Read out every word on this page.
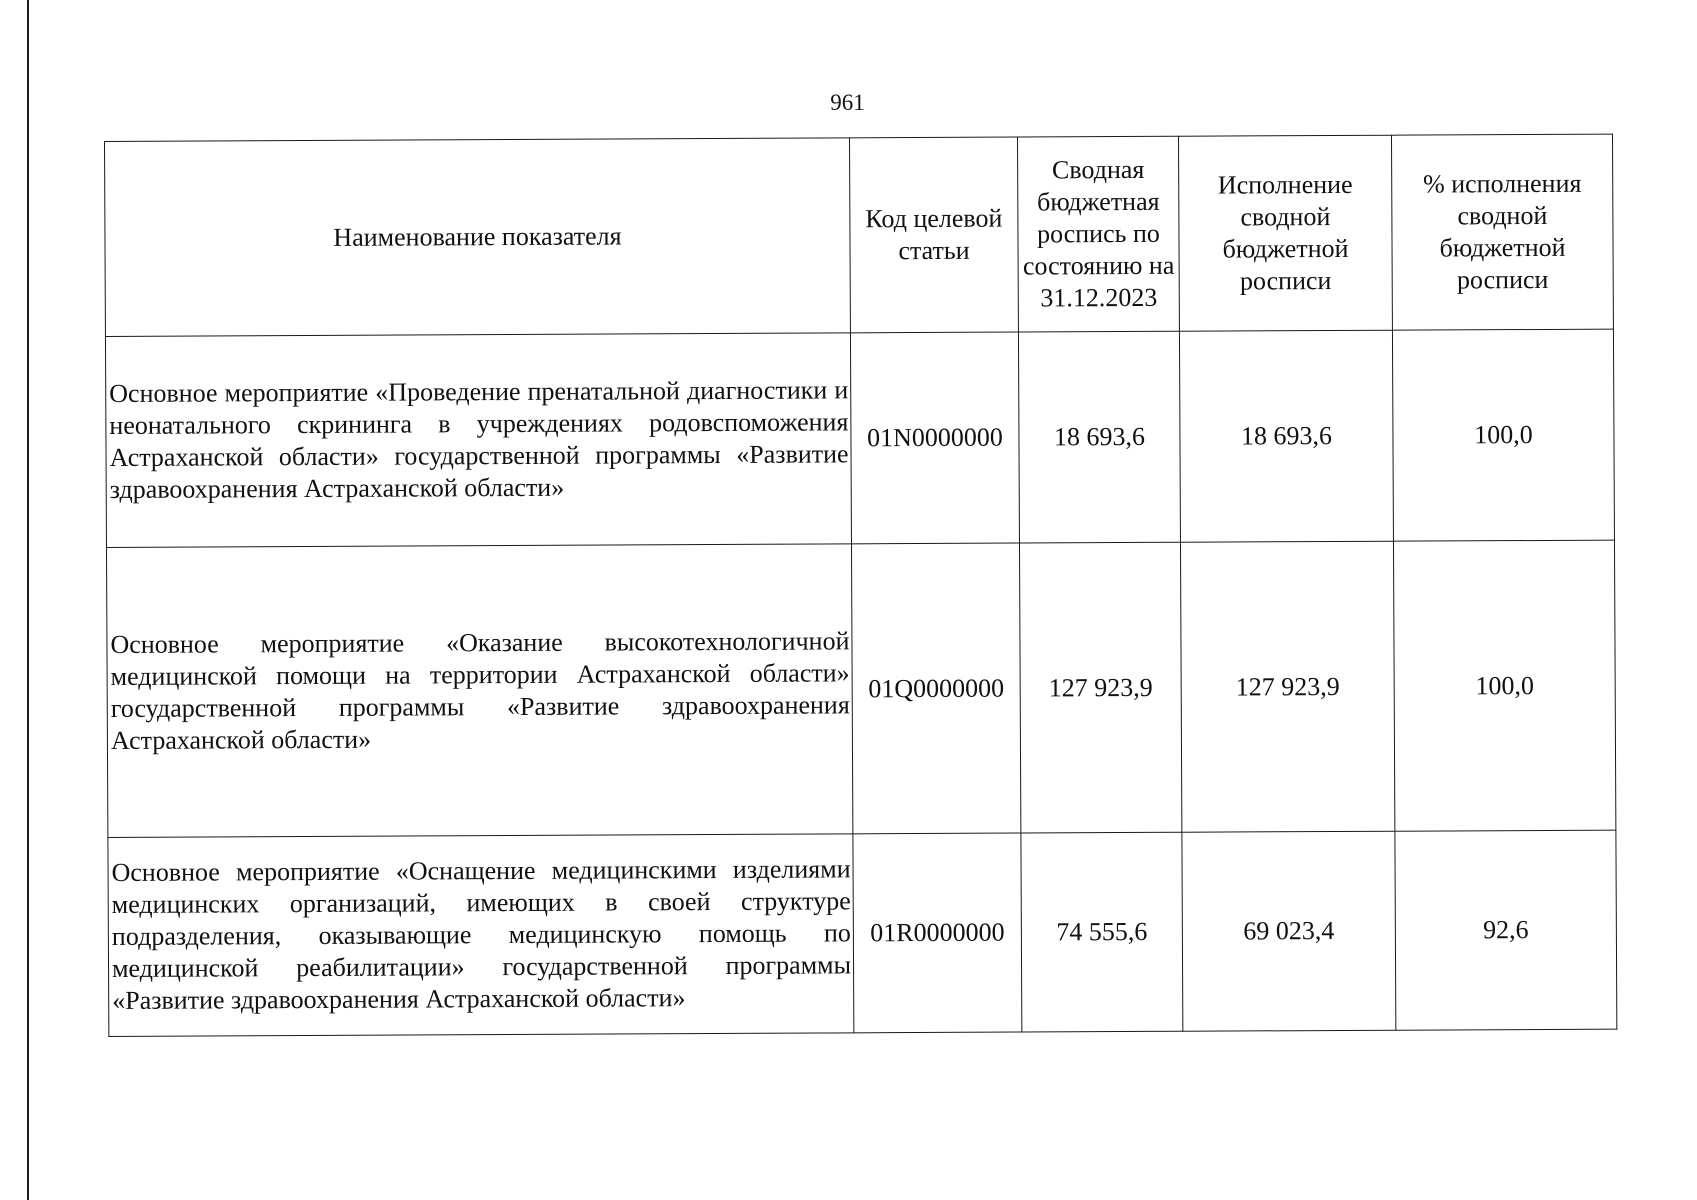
961
Наименование показателя	Код целевой статьи	Сводная бюджетная роспись по состоянию на 31.12.2023	Исполнение сводной бюджетной росписи	% исполнения сводной бюджетной росписи
Основное мероприятие «Проведение пренатальной диагностики и неонатального скрининга в учреждениях родовспоможения Астраханской области» государственной программы «Развитие здравоохранения Астраханской области»	01N0000000	18 693,6	18 693,6	100,0
Основное мероприятие «Оказание высокотехнологичной медицинской помощи на территории Астраханской области» государственной программы «Развитие здравоохранения Астраханской области»	01Q0000000	127 923,9	127 923,9	100,0
Основное мероприятие «Оснащение медицинскими изделиями медицинских организаций, имеющих в своей структуре подразделения, оказывающие медицинскую помощь по медицинской реабилитации» государственной программы «Развитие здравоохранения Астраханской области»	01R0000000	74 555,6	69 023,4	92,6
